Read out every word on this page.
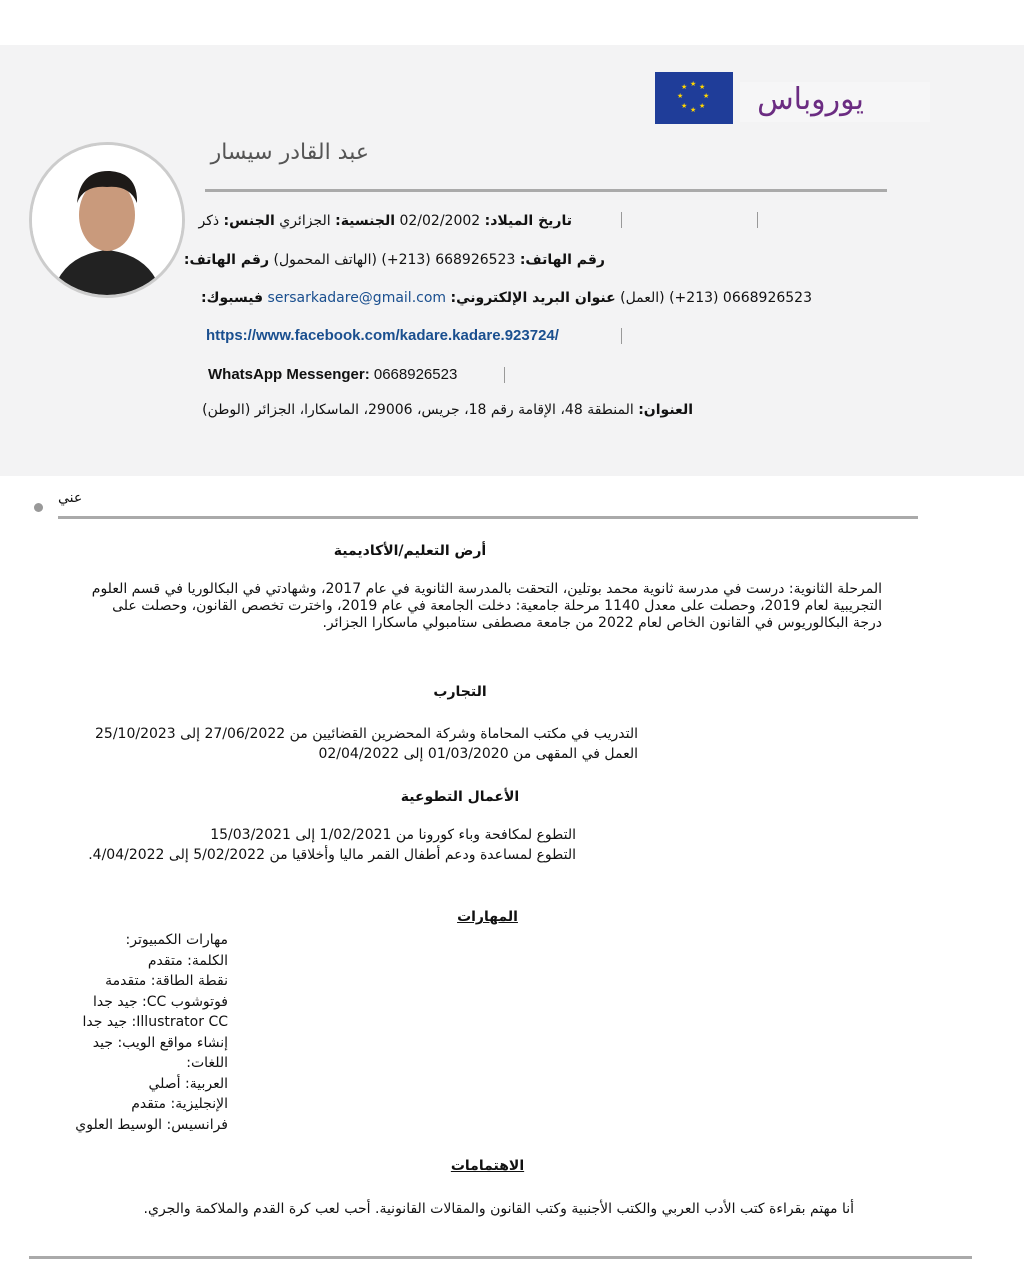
★ ★
★
★
★
★
★
★	يوروباس
عبد القادر سيسار
تاريخ الميلاد: 02/02/2002 الجنسية: الجزائري الجنس: ذكر
رقم الهاتف: (+213) 668926523 (الهاتف المحمول) رقم الهاتف:
(+213) 0668926523 (العمل) عنوان البريد الإلكتروني: sersarkadare@gmail.com فيسبوك:
https://www.facebook.com/kadare.kadare.923724/
WhatsApp Messenger: 0668926523
العنوان: المنطقة 48، الإقامة رقم 18، جريس، 29006، الماسكارا، الجزائر (الوطن)
عني
أرض التعليم/الأكاديمية
المرحلة الثانوية: درست في مدرسة ثانوية محمد بوتلين، التحقت بالمدرسة الثانوية في عام 2017، وشهادتي في البكالوريا في قسم العلوم
التجريبية لعام 2019، وحصلت على معدل 1140 مرحلة جامعية: دخلت الجامعة في عام 2019، واخترت تخصص القانون، وحصلت على
درجة البكالوريوس في القانون الخاص لعام 2022 من جامعة مصطفى ستامبولي ماسكارا الجزائر.
التجارب
التدريب في مكتب المحاماة وشركة المحضرين القضائيين من 27/06/2022 إلى 25/10/2023
العمل في المقهى من 01/03/2020 إلى 02/04/2022
الأعمال التطوعية
التطوع لمكافحة وباء كورونا من 1/02/2021 إلى 15/03/2021
التطوع لمساعدة ودعم أطفال القمر ماليا وأخلاقيا من 5/02/2022 إلى 4/04/2022.
المهارات
مهارات الكمبيوتر:
الكلمة: متقدم
نقطة الطاقة: متقدمة
فوتوشوب CC: جيد جدا
Illustrator CC: جيد جدا
إنشاء مواقع الويب: جيد
اللغات:
العربية: أصلي
الإنجليزية: متقدم
فرانسيس: الوسيط العلوي
الاهتمامات
أنا مهتم بقراءة كتب الأدب العربي والكتب الأجنبية وكتب القانون والمقالات القانونية. أحب لعب كرة القدم والملاكمة والجري.
